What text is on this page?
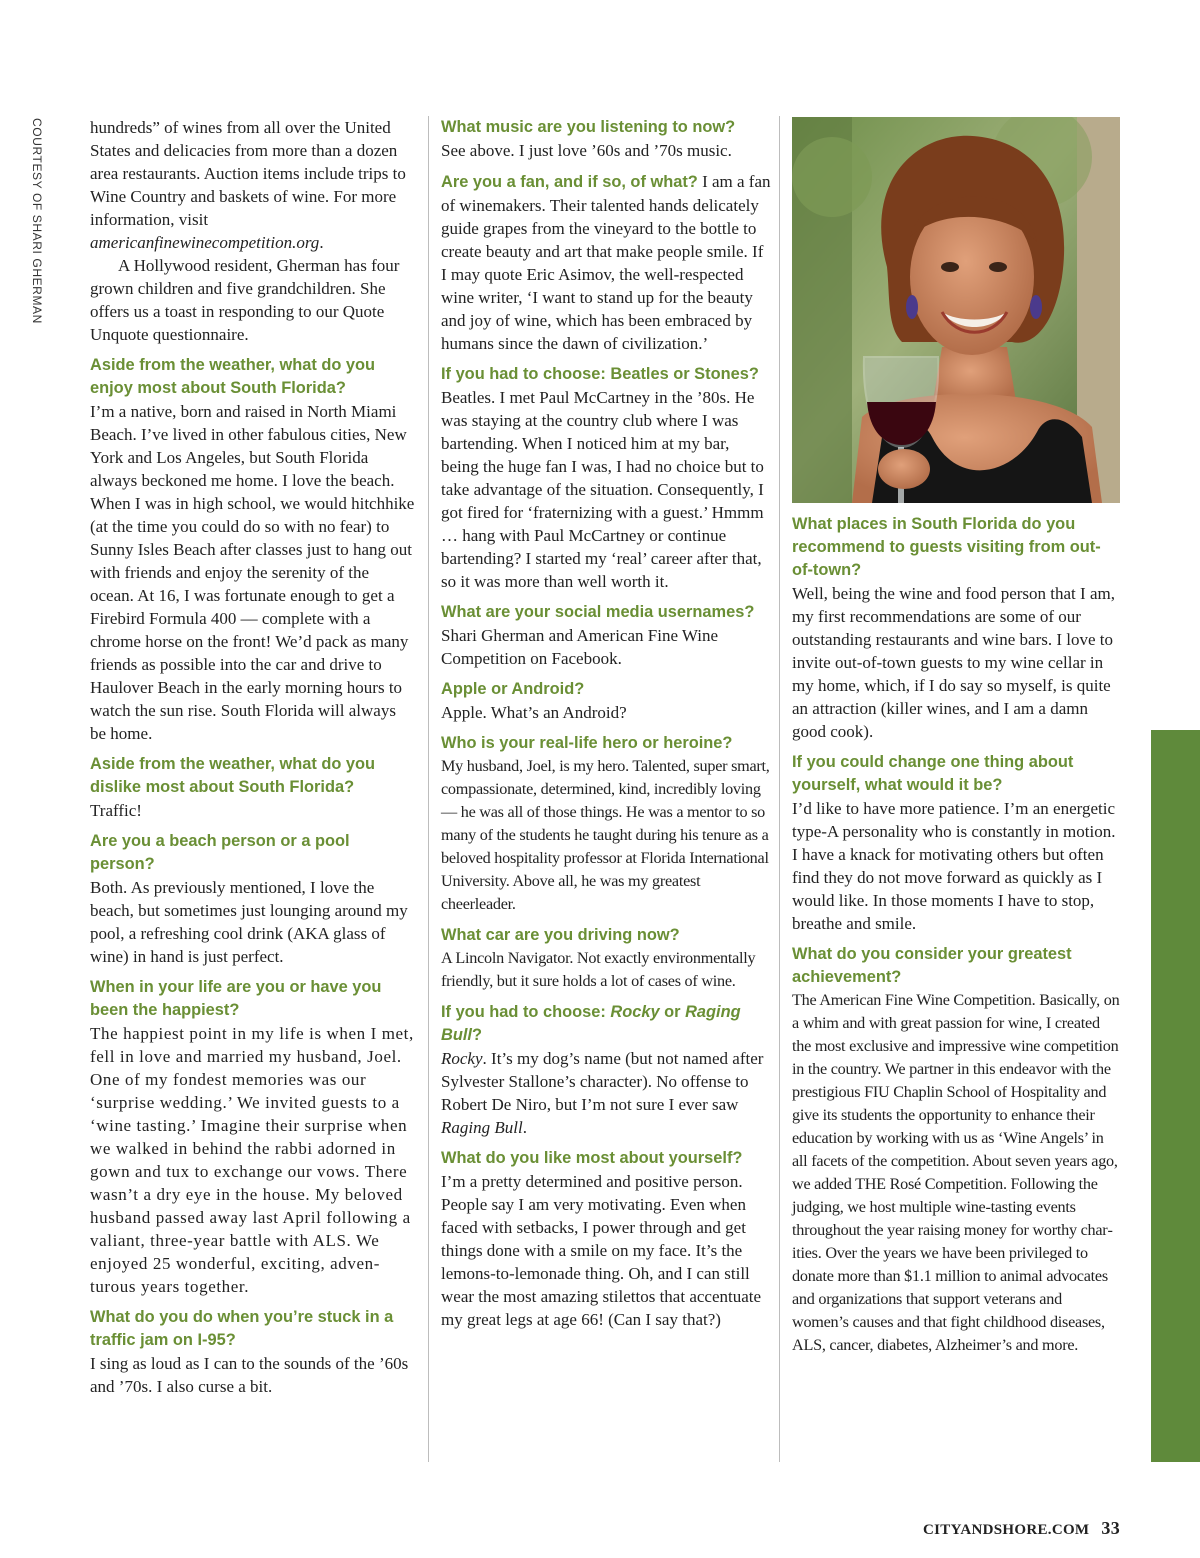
COURTESY OF SHARI GHERMAN	hundreds” of wines from all over the United States and delicacies from more than a dozen area restaurants. Auction items include trips to Wine Country and baskets of wine. For more information, visit americanfinewinecompetition.org.

A Hollywood resident, Gherman has four grown children and five grandchildren. She offers us a toast in responding to our Quote Unquote questionnaire.

Aside from the weather, what do you enjoy most about South Florida?

I’m a native, born and raised in North Miami Beach. I’ve lived in other fabulous cities, New York and Los Angeles, but South Florida always beckoned me home. I love the beach. When I was in high school, we would hitchhike (at the time you could do so with no fear) to Sunny Isles Beach after classes just to hang out with friends and enjoy the serenity of the ocean. At 16, I was fortunate enough to get a Firebird Formula 400 — complete with a chrome horse on the front! We’d pack as many friends as possible into the car and drive to Haulover Beach in the early morning hours to watch the sun rise. South Florida will always be home.

Aside from the weather, what do you dislike most about South Florida?

Traffic!

Are you a beach person or a pool person?

Both. As previously mentioned, I love the beach, but sometimes just lounging around my pool, a refreshing cool drink (AKA glass of wine) in hand is just perfect.

When in your life are you or have you been the happiest?

The happiest point in my life is when I met, fell in love and married my husband, Joel. One of my fondest memories was our ‘surprise wedding.’ We invited guests to a ‘wine tasting.’ Imagine their surprise when we walked in behind the rabbi adorned in gown and tux to exchange our vows. There wasn’t a dry eye in the house. My beloved husband passed away last April following a valiant, three-year battle with ALS. We enjoyed 25 wonderful, exciting, adventurous years together.

What do you do when you’re stuck in a traffic jam on I-95?

I sing as loud as I can to the sounds of the ’60s and ’70s. I also curse a bit.

What music are you listening to now?

See above. I just love ’60s and ’70s music.

Are you a fan, and if so, of what? I am a fan of winemakers. Their talented hands delicately guide grapes from the vineyard to the bottle to create beauty and art that make people smile. If I may quote Eric Asimov, the well-respected wine writer, ‘I want to stand up for the beauty and joy of wine, which has been embraced by humans since the dawn of civilization.’

If you had to choose: Beatles or Stones?

Beatles. I met Paul McCartney in the ’80s. He was staying at the country club where I was bartending. When I noticed him at my bar, being the huge fan I was, I had no choice but to take advantage of the situation. Consequently, I got fired for ‘fraternizing with a guest.’ Hmmm … hang with Paul McCartney or continue bartending? I started my ‘real’ career after that, so it was more than well worth it.

What are your social media usernames?

Shari Gherman and American Fine Wine Competition on Facebook.

Apple or Android?

Apple. What’s an Android?

Who is your real-life hero or heroine?

My husband, Joel, is my hero. Talented, super smart, compassionate, determined, kind, incredibly loving — he was all of those things. He was a mentor to so many of the students he taught during his tenure as a beloved hospitality professor at Florida International University. Above all, he was my greatest cheerleader.

What car are you driving now?

A Lincoln Navigator. Not exactly environmentally friendly, but it sure holds a lot of cases of wine.

If you had to choose: Rocky or Raging Bull?

Rocky. It’s my dog’s name (but not named after Sylvester Stallone’s character). No offense to Robert De Niro, but I’m not sure I ever saw Raging Bull.

What do you like most about yourself?

I’m a pretty determined and positive person. People say I am very motivating. Even when faced with setbacks, I power through and get things done with a smile on my face. It’s the lemons-to-lemonade thing. Oh, and I can still wear the most amazing stilettos that accentuate my great legs at age 66! (Can I say that?)

What places in South Florida do you recommend to guests visiting from out-of-town?

Well, being the wine and food person that I am, my first recommendations are some of our outstanding restaurants and wine bars. I love to invite out-of-town guests to my wine cellar in my home, which, if I do say so myself, is quite an attraction (killer wines, and I am a damn good cook).

If you could change one thing about yourself, what would it be?

I’d like to have more patience. I’m an energetic type-A personality who is constantly in motion. I have a knack for motivating others but often find they do not move forward as quickly as I would like. In those moments I have to stop, breathe and smile.

What do you consider your greatest achievement?

The American Fine Wine Competition. Basically, on a whim and with great passion for wine, I created the most exclusive and impressive wine competition in the country. We partner in this endeavor with the prestigious FIU Chaplin School of Hospitality and give its students the opportunity to enhance their education by working with us as ‘Wine Angels’ in all facets of the competition. About seven years ago, we added THE Rosé Competition. Following the judging, we host multiple wine-tasting events throughout the year raising money for worthy charities. Over the years we have been privileged to donate more than $1.1 million to animal advocates and organizations that support veterans and women’s causes and that fight childhood diseases, ALS, cancer, diabetes, Alzheimer’s and more.

CITYANDSHORE.COM 33
